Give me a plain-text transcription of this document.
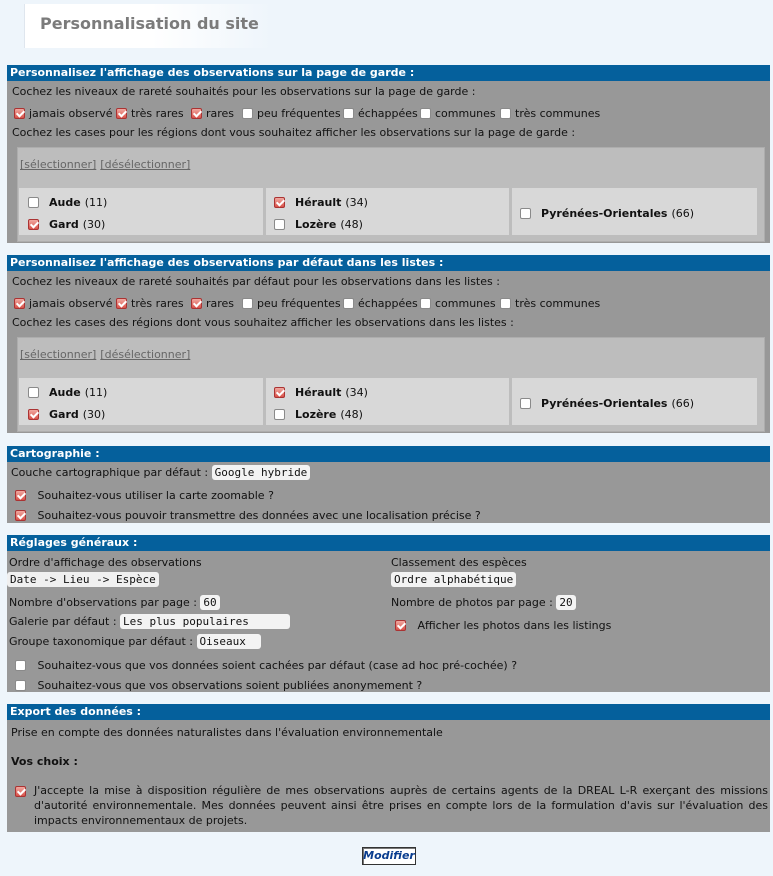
Personnalisation du site
Personnalisez l'affichage des observations sur la page de garde :
Cochez les niveaux de rareté souhaités pour les observations sur la page de garde :
jamais observé	très rares	rares	peu fréquentes	échappées	communes	très communes
Cochez les cases pour les régions dont vous souhaitez afficher les observations sur la page de garde :
[sélectionner] [désélectionner]
Aude (11)
Gard (30)
Hérault (34)
Lozère (48)
Pyrénées-Orientales (66)
Personnalisez l'affichage des observations par défaut dans les listes :
Cochez les niveaux de rareté souhaités par défaut pour les observations dans les listes :
jamais observé	très rares	rares	peu fréquentes	échappées	communes	très communes
Cochez les cases des régions dont vous souhaitez afficher les observations dans les listes :
[sélectionner] [désélectionner]
Aude (11)
Gard (30)
Hérault (34)
Lozère (48)
Pyrénées-Orientales (66)
Cartographie :
Couche cartographique par défaut : Google hybride
Souhaitez-vous utiliser la carte zoomable ?
Souhaitez-vous pouvoir transmettre des données avec une localisation précise ?
Réglages généraux :
Ordre d'affichage des observations
Date -> Lieu -> Espèce
Classement des espèces
Ordre alphabétique
Nombre d'observations par page : 60	Nombre de photos par page : 20
Galerie par défaut : Les plus populaires	Afficher les photos dans les listings
Groupe taxonomique par défaut : Oiseaux
Souhaitez-vous que vos données soient cachées par défaut (case ad hoc pré-cochée) ?
Souhaitez-vous que vos observations soient publiées anonymement ?
Export des données :
Prise en compte des données naturalistes dans l'évaluation environnementale
Vos choix :
J'accepte la mise à disposition régulière de mes observations auprès de certains agents de la DREAL L-R exerçant des missions d'autorité environnementale. Mes données peuvent ainsi être prises en compte lors de la formulation d'avis sur l'évaluation des impacts environnementaux de projets.
Modifier
